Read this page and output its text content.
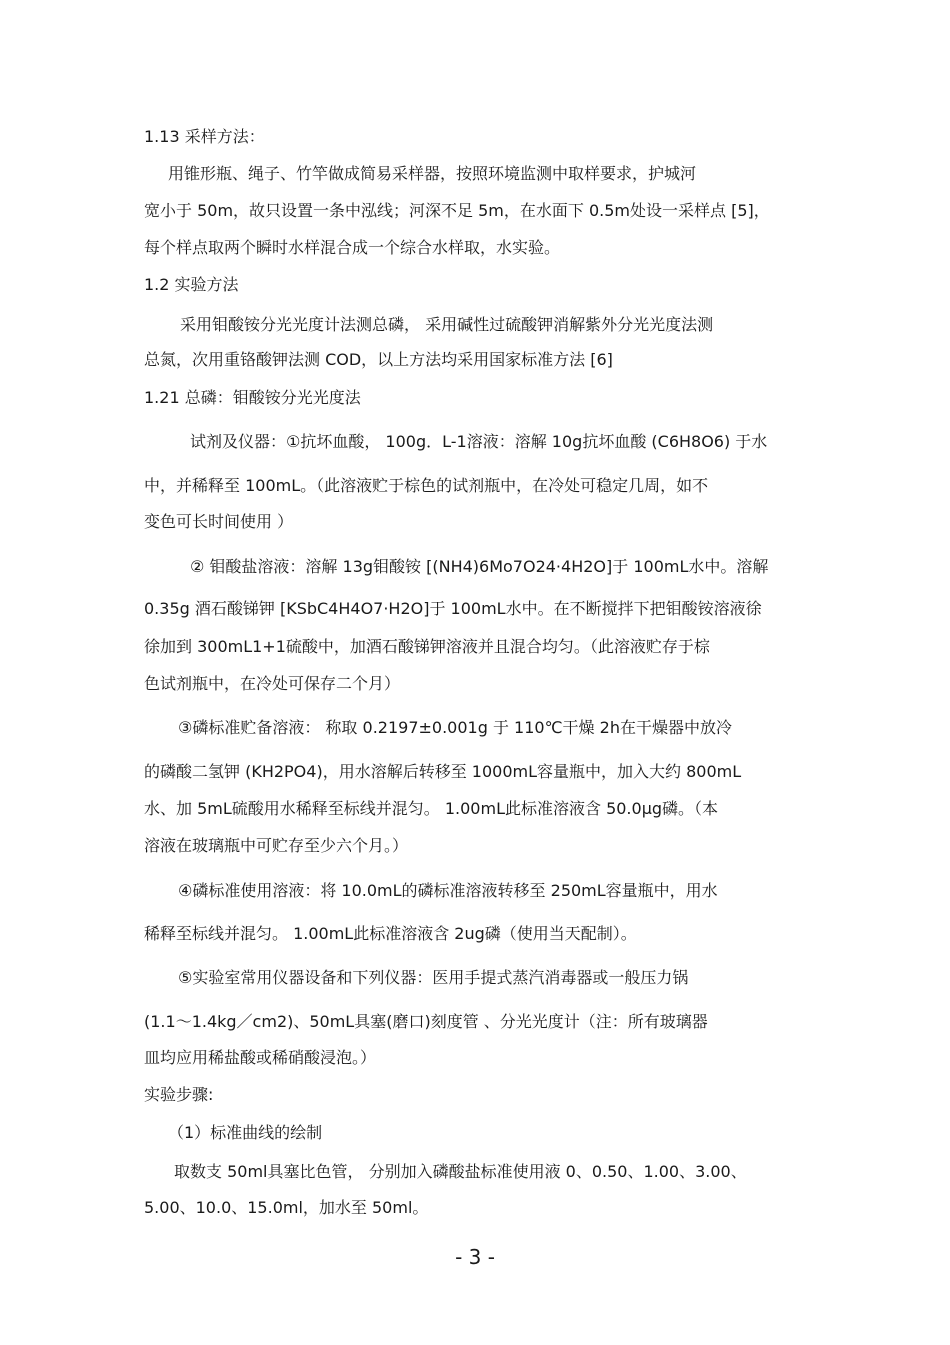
1.13 采样方法：
用锥形瓶、绳子、竹竿做成简易采样器，按照环境监测中取样要求，护城河
宽小于 50m，故只设置一条中泓线；河深不足 5m，在水面下 0.5m处设一采样点 [5]，
每个样点取两个瞬时水样混合成一个综合水样取，水实验。
1.2 实验方法
采用钼酸铵分光光度计法测总磷， 采用碱性过硫酸钾消解紫外分光光度法测
总氮，次用重铬酸钾法测 COD，以上方法均采用国家标准方法 [6]
1.21 总磷：钼酸铵分光光度法
试剂及仪器：①抗坏血酸， 100g．L-1溶液：溶解 10g抗坏血酸 (C6H8O6) 于水
中，并稀释至 100mL。（此溶液贮于棕色的试剂瓶中，在冷处可稳定几周，如不
变色可长时间使用 ）
② 钼酸盐溶液：溶解 13g钼酸铵 [(NH4)6Mo7O24·4H2O]于 100mL水中。溶解
0.35g 酒石酸锑钾 [KSbC4H4O7·H2O]于 100mL水中。在不断搅拌下把钼酸铵溶液徐
徐加到 300mL1+1硫酸中，加酒石酸锑钾溶液并且混合均匀。（此溶液贮存于棕
色试剂瓶中，在冷处可保存二个月）
③磷标准贮备溶液： 称取 0.2197±0.001g 于 110℃干燥 2h在干燥器中放冷
的磷酸二氢钾 (KH2PO4)，用水溶解后转移至 1000mL容量瓶中，加入大约 800mL
水、加 5mL硫酸用水稀释至标线并混匀。 1.00mL此标准溶液含 50.0μg磷。（本
溶液在玻璃瓶中可贮存至少六个月。）
④磷标准使用溶液：将 10.0mL的磷标准溶液转移至 250mL容量瓶中，用水
稀释至标线并混匀。 1.00mL此标准溶液含 2ug磷（使用当天配制）。
⑤实验室常用仪器设备和下列仪器：医用手提式蒸汽消毒器或一般压力锅
(1.1～1.4kg／cm2)、50mL具塞(磨口)刻度管 、分光光度计（注：所有玻璃器
皿均应用稀盐酸或稀硝酸浸泡。）
实验步骤:
（1）标准曲线的绘制
取数支 50ml具塞比色管， 分别加入磷酸盐标准使用液 0、0.50、1.00、3.00、
5.00、10.0、15.0ml，加水至 50ml。
- 3 -
